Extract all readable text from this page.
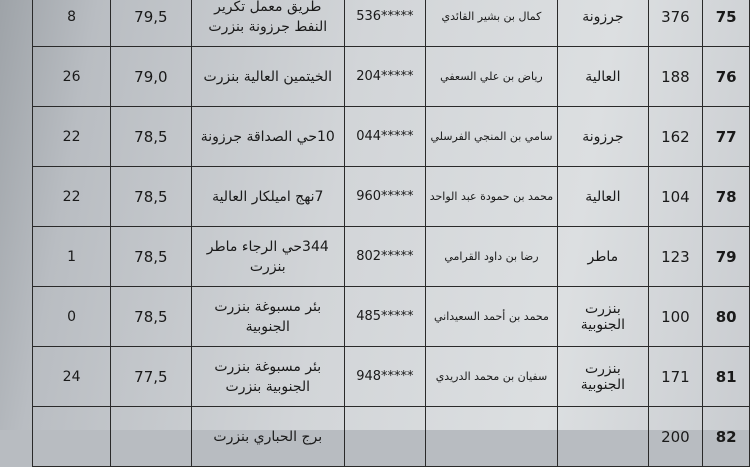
75	376	جرزونة	كمال بن بشير القائدي	536*****	طريق معمل تكرير النفط جرزونة بنزرت	79,5	8
76	188	العالية	رياض بن علي السعفي	204*****	الخيتمين العالية بنزرت	79,0	26
77	162	جرزونة	سامي بن المنجي الفرسلي	044*****	10حي الصداقة جرزونة	78,5	22
78	104	العالية	محمد بن حمودة عبد الواحد	960*****	7نهج اميلكار العالية	78,5	22
79	123	ماطر	رضا بن داود القرامي	802*****	344حي الرجاء ماطر بنزرت	78,5	1
80	100	بنزرت الجنوبية	محمد بن أحمد السعيداني	485*****	بئر مسبوغة بنزرت الجنوبية	78,5	0
81	171	بنزرت الجنوبية	سفيان بن محمد الدريدي	948*****	بئر مسبوغة بنزرت الجنوبية بنزرت	77,5	24
82	200				برج الحباري بنزرت		
